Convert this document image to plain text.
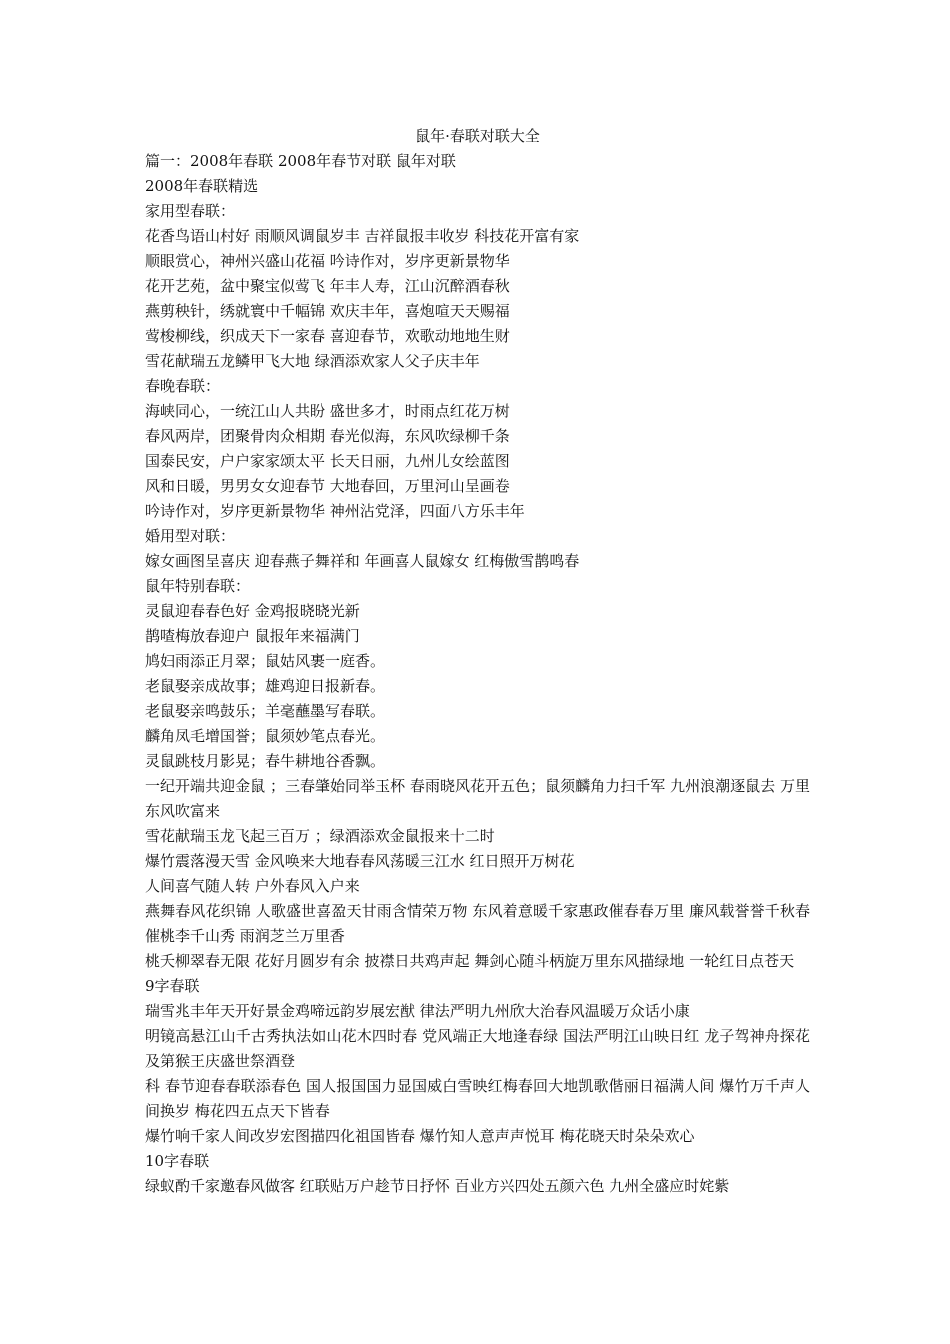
鼠年·春联对联大全
篇一：2008年春联 2008年春节对联 鼠年对联
2008年春联精选
家用型春联：
花香鸟语山村好 雨顺风调鼠岁丰 吉祥鼠报丰收岁 科技花开富有家
顺眼赏心，神州兴盛山花福 吟诗作对，岁序更新景物华
花开艺苑，盆中聚宝似莺飞 年丰人寿，江山沉醉酒春秋
燕剪秧针，绣就寰中千幅锦 欢庆丰年，喜炮喧天天赐福
莺梭柳线，织成天下一家春 喜迎春节，欢歌动地地生财
雪花献瑞五龙鳞甲飞大地 绿酒添欢家人父子庆丰年
春晚春联：
海峡同心，一统江山人共盼 盛世多才，时雨点红花万树
春风两岸，团聚骨肉众相期 春光似海，东风吹绿柳千条
国泰民安，户户家家颂太平 长天日丽，九州儿女绘蓝图
风和日暖，男男女女迎春节 大地春回，万里河山呈画卷
吟诗作对，岁序更新景物华 神州沾党泽，四面八方乐丰年
婚用型对联：
嫁女画图呈喜庆 迎春燕子舞祥和 年画喜人鼠嫁女 红梅傲雪鹊鸣春
鼠年特别春联：
灵鼠迎春春色好 金鸡报晓晓光新
鹊喳梅放春迎户 鼠报年来福满门
鸠妇雨添正月翠；鼠姑风裹一庭香。
老鼠娶亲成故事；雄鸡迎日报新春。
老鼠娶亲鸣鼓乐；羊毫蘸墨写春联。
麟角凤毛增国誉；鼠须妙笔点春光。
灵鼠跳枝月影晃；春牛耕地谷香飘。
一纪开端共迎金鼠 ；三春肇始同举玉杯 春雨晓风花开五色；鼠须麟角力扫千军 九州浪潮逐鼠去 万里东风吹富来
雪花献瑞玉龙飞起三百万 ；绿酒添欢金鼠报来十二时
爆竹震落漫天雪 金风唤来大地春春风荡暖三江水 红日照开万树花
人间喜气随人转 户外春风入户来
燕舞春风花织锦 人歌盛世喜盈天甘雨含情荣万物 东风着意暖千家惠政催春春万里 廉风载誉誉千秋春催桃李千山秀 雨润芝兰万里香
桃夭柳翠春无限 花好月圆岁有余 披襟日共鸡声起 舞剑心随斗柄旋万里东风描绿地 一轮红日点苍天
9字春联
瑞雪兆丰年天开好景金鸡啼远韵岁展宏猷 律法严明九州欣大治春风温暖万众话小康
明镜高悬江山千古秀执法如山花木四时春 党风端正大地逢春绿 国法严明江山映日红 龙子驾神舟探花及第猴王庆盛世祭酒登
科 春节迎春春联添春色 国人报国国力显国威白雪映红梅春回大地凯歌偕丽日福满人间 爆竹万千声人间换岁 梅花四五点天下皆春
爆竹响千家人间改岁宏图描四化祖国皆春 爆竹知人意声声悦耳 梅花晓天时朵朵欢心
10字春联
绿蚁酌千家邀春风做客 红联贴万户趁节日抒怀 百业方兴四处五颜六色 九州全盛应时姹紫
